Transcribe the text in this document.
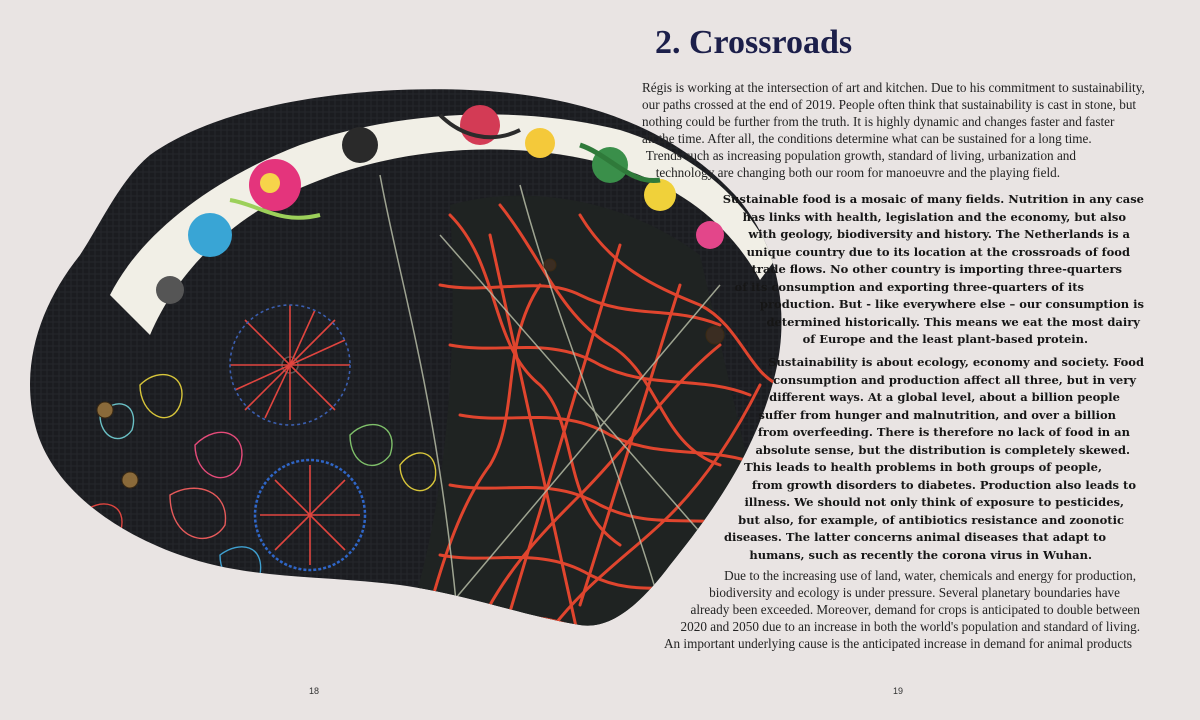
2. Crossroads
Régis is working at the intersection of art and kitchen. Due to his commitment to sustainability,
our paths crossed at the end of 2019. People often think that sustainability is cast in stone, but
nothing could be further from the truth. It is highly dynamic and changes faster and faster
all the time. After all, the conditions determine what can be sustained for a long time.
Trends such as increasing population growth, standard of living, urbanization and
technology are changing both our room for manoeuvre and the playing field.
Sustainable food is a mosaic of many fields. Nutrition in any case
has links with health, legislation and the economy, but also
with geology, biodiversity and history. The Netherlands is a
unique country due to its location at the crossroads of food
trade flows. No other country is importing three-quarters
of its consumption and exporting three-quarters of its
production. But - like everywhere else – our consumption is
determined historically. This means we eat the most dairy
of Europe and the least plant-based protein.
Sustainability is about ecology, economy and society. Food
consumption and production affect all three, but in very
different ways. At a global level, about a billion people
suffer from hunger and malnutrition, and over a billion
from overfeeding. There is therefore no lack of food in an
absolute sense, but the distribution is completely skewed.
This leads to health problems in both groups of people,
from growth disorders to diabetes. Production also leads to
illness. We should not only think of exposure to pesticides,
but also, for example, of antibiotics resistance and zoonotic
diseases. The latter concerns animal diseases that adapt to
humans, such as recently the corona virus in Wuhan.
Due to the increasing use of land, water, chemicals and energy for production,
biodiversity and ecology is under pressure. Several planetary boundaries have
already been exceeded. Moreover, demand for crops is anticipated to double between
2020 and 2050 due to an increase in both the world's population and standard of living.
An important underlying cause is the anticipated increase in demand for animal products
18	19
